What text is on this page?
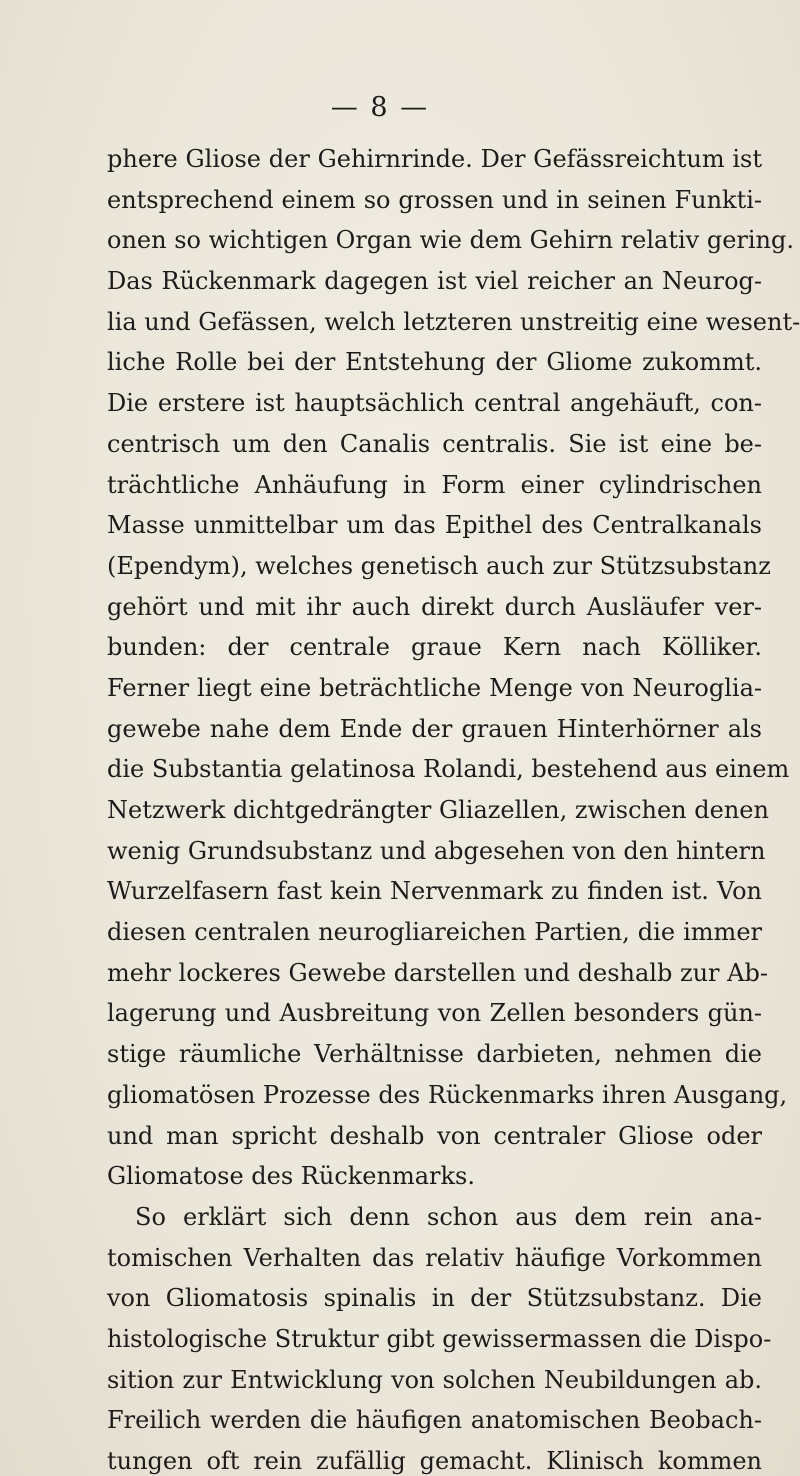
— 8 —
phere Gliose der Gehirnrinde. Der Gefässreichtum ist
entsprechend einem so grossen und in seinen Funkti-
onen so wichtigen Organ wie dem Gehirn relativ gering.
Das Rückenmark dagegen ist viel reicher an Neurog-
lia und Gefässen, welch letzteren unstreitig eine wesent-
liche Rolle bei der Entstehung der Gliome zukommt.
Die erstere ist hauptsächlich central angehäuft, con-
centrisch um den Canalis centralis. Sie ist eine be-
trächtliche Anhäufung in Form einer cylindrischen
Masse unmittelbar um das Epithel des Centralkanals
(Ependym), welches genetisch auch zur Stützsubstanz
gehört und mit ihr auch direkt durch Ausläufer ver-
bunden: der centrale graue Kern nach Kölliker.
Ferner liegt eine beträchtliche Menge von Neuroglia-
gewebe nahe dem Ende der grauen Hinterhörner als
die Substantia gelatinosa Rolandi, bestehend aus einem
Netzwerk dichtgedrängter Gliazellen, zwischen denen
wenig Grundsubstanz und abgesehen von den hintern
Wurzelfasern fast kein Nervenmark zu finden ist. Von
diesen centralen neurogliareichen Partien, die immer
mehr lockeres Gewebe darstellen und deshalb zur Ab-
lagerung und Ausbreitung von Zellen besonders gün-
stige räumliche Verhältnisse darbieten, nehmen die
gliomatösen Prozesse des Rückenmarks ihren Ausgang,
und man spricht deshalb von centraler Gliose oder
Gliomatose des Rückenmarks.
So erklärt sich denn schon aus dem rein ana-
tomischen Verhalten das relativ häufige Vorkommen
von Gliomatosis spinalis in der Stützsubstanz. Die
histologische Struktur gibt gewissermassen die Dispo-
sition zur Entwicklung von solchen Neubildungen ab.
Freilich werden die häufigen anatomischen Beobach-
tungen oft rein zufällig gemacht. Klinisch kommen
